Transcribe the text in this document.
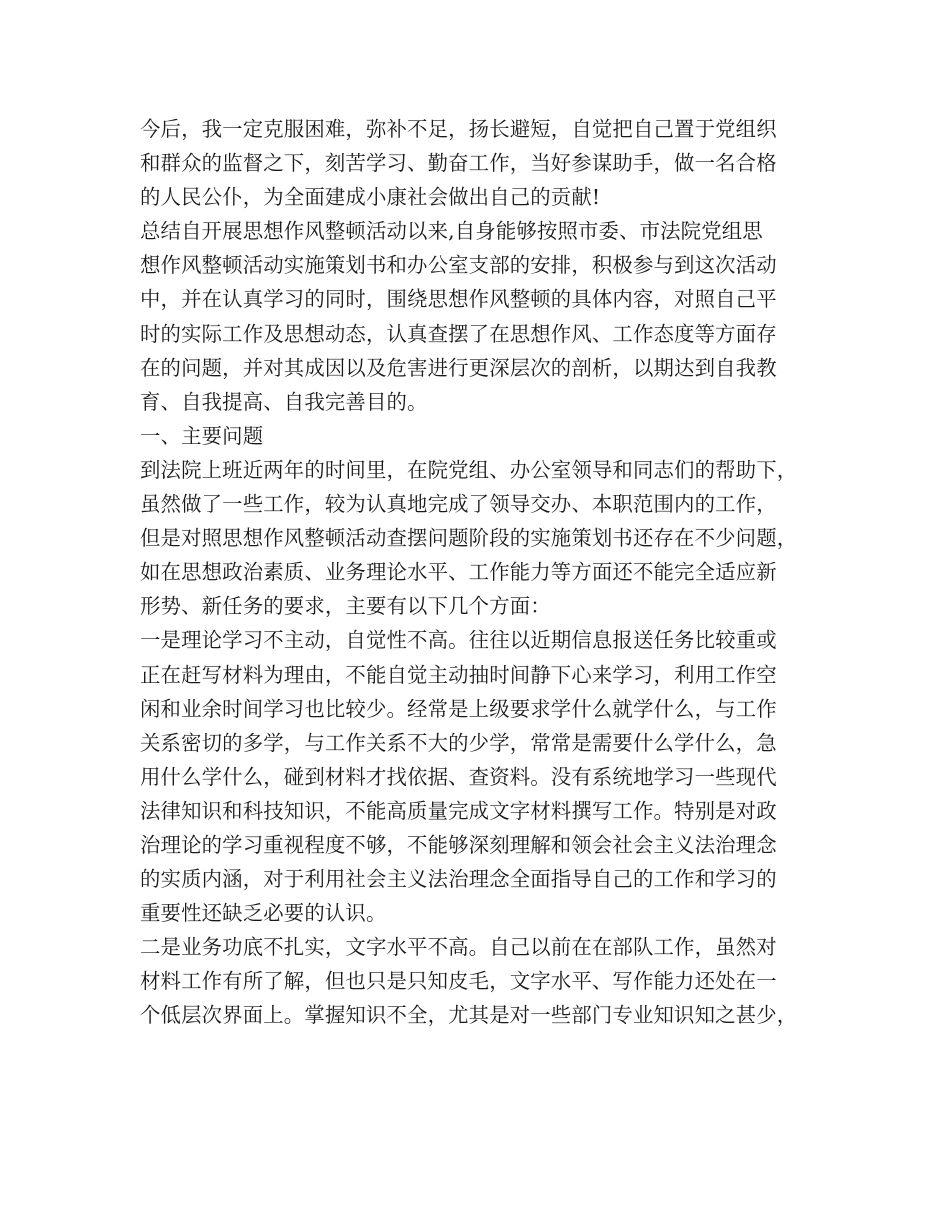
今后，我一定克服困难，弥补不足，扬长避短，自觉把自己置于党组织
和群众的监督之下，刻苦学习、勤奋工作，当好参谋助手，做一名合格
的人民公仆，为全面建成小康社会做出自己的贡献!

总结自开展思想作风整顿活动以来,自身能够按照市委、市法院党组思
想作风整顿活动实施策划书和办公室支部的安排，积极参与到这次活动
中，并在认真学习的同时，围绕思想作风整顿的具体内容，对照自己平
时的实际工作及思想动态，认真查摆了在思想作风、工作态度等方面存
在的问题，并对其成因以及危害进行更深层次的剖析，以期达到自我教
育、自我提高、自我完善目的。

一、主要问题

到法院上班近两年的时间里，在院党组、办公室领导和同志们的帮助下，
虽然做了一些工作，较为认真地完成了领导交办、本职范围内的工作，
但是对照思想作风整顿活动查摆问题阶段的实施策划书还存在不少问题，
如在思想政治素质、业务理论水平、工作能力等方面还不能完全适应新
形势、新任务的要求，主要有以下几个方面：

一是理论学习不主动，自觉性不高。往往以近期信息报送任务比较重或
正在赶写材料为理由，不能自觉主动抽时间静下心来学习，利用工作空
闲和业余时间学习也比较少。经常是上级要求学什么就学什么，与工作
关系密切的多学，与工作关系不大的少学，常常是需要什么学什么，急
用什么学什么，碰到材料才找依据、查资料。没有系统地学习一些现代
法律知识和科技知识，不能高质量完成文字材料撰写工作。特别是对政
治理论的学习重视程度不够，不能够深刻理解和领会社会主义法治理念
的实质内涵，对于利用社会主义法治理念全面指导自己的工作和学习的
重要性还缺乏必要的认识。

二是业务功底不扎实，文字水平不高。自己以前在在部队工作，虽然对
材料工作有所了解，但也只是只知皮毛，文字水平、写作能力还处在一
个低层次界面上。掌握知识不全，尤其是对一些部门专业知识知之甚少，
